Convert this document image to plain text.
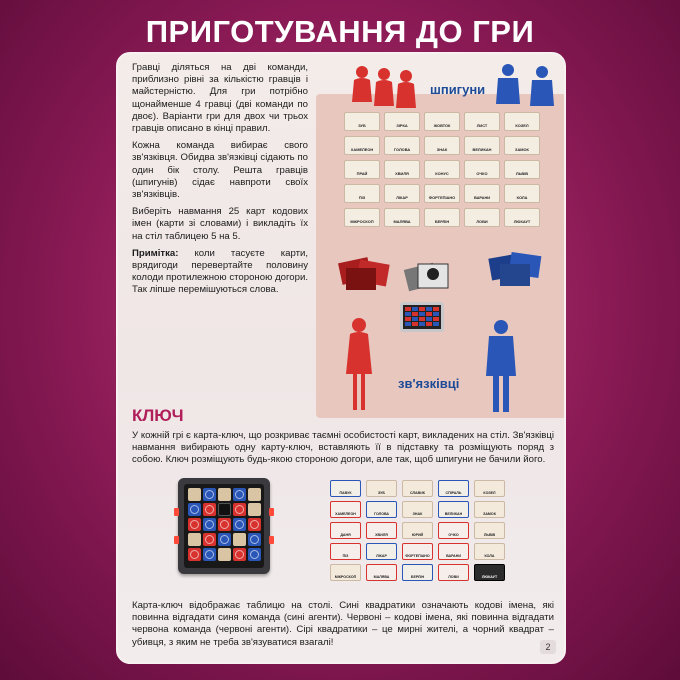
ПРИГОТУВАННЯ ДО ГРИ

Гравці діляться на дві команди, приблизно рівні за кількістю гравців і майстерністю. Для гри потрібно щонайменше 4 гравці (дві команди по двоє). Варіанти гри для двох чи трьох гравців описано в кінці правил.

Кожна команда вибирає свого зв'язківця. Обидва зв'язківці сідають по один бік столу. Решта гравців (шпигунів) сідає навпроти своїх зв'язківців.

Виберіть навмання 25 карт кодових імен (карти зі словами) і викладіть їх на стіл таблицею 5 на 5.

Примітка: коли тасуєте карти, врядигоди перевертайте половину колоди протилежною стороною догори. Так ліпше перемішуються слова.

шпигуни
ЗУБ	ЗІРКА	ЖОВТОК	ЛИСТ	КОЗЕЛ
ХАМЕЛЕОН	ГОЛОВА	ЗНАК	ВЕЛИКАН	ЗАМОК
ПРАЙ	ХВИЛЯ	КОНУС	ОЧКО	ЛЬВІВ
ПІЗ	ЛІКАР	ФОРТЕПІАНО	ВАРАНИ	КОЛА
МІКРОСКОП	МАЛЯВА	БЕРЛІН	ЛОВИ	ЛЮКАУТ
зв'язківці
КЛЮЧ
У кожній грі є карта-ключ, що розкриває таємні особистості карт, викладених на стіл. Зв'язківці навмання вибирають одну карту-ключ, вставляють її в підставку та розміщують поряд з собою. Ключ розміщують будь-якою стороною догори, але так, щоб шпигуни не бачили його.
ПАВУК	ЗУБ	СЛАВИК	СПІРАЛЬ	КОЗЕЛ
ХАМЕЛЕОН	ГОЛОВА	ЗНАК	ВЕЛИКАН	ЗАМОК
ДАНЯ	ХВИЛЯ	ЮРИЙ	ОЧКО	ЛЬВІВ
ПІЗ	ЛІКАР	ФОРТЕПІАНО	ВАРАНИ	КОЛА
МІКРОСКОП	МАЛЯВА	БЕРЛІН	ЛОВИ	ЛЮКАУТ
Карта-ключ відображає таблицю на столі. Сині квадратики означають кодові імена, які повинна відгадати синя команда (сині агенти). Червоні – кодові імена, які повинна відгадати червона команда (червоні агенти). Сірі квадратики – це мирні жителі, а чорний квадрат – убивця, з яким не треба зв'язуватися взагалі!	2
